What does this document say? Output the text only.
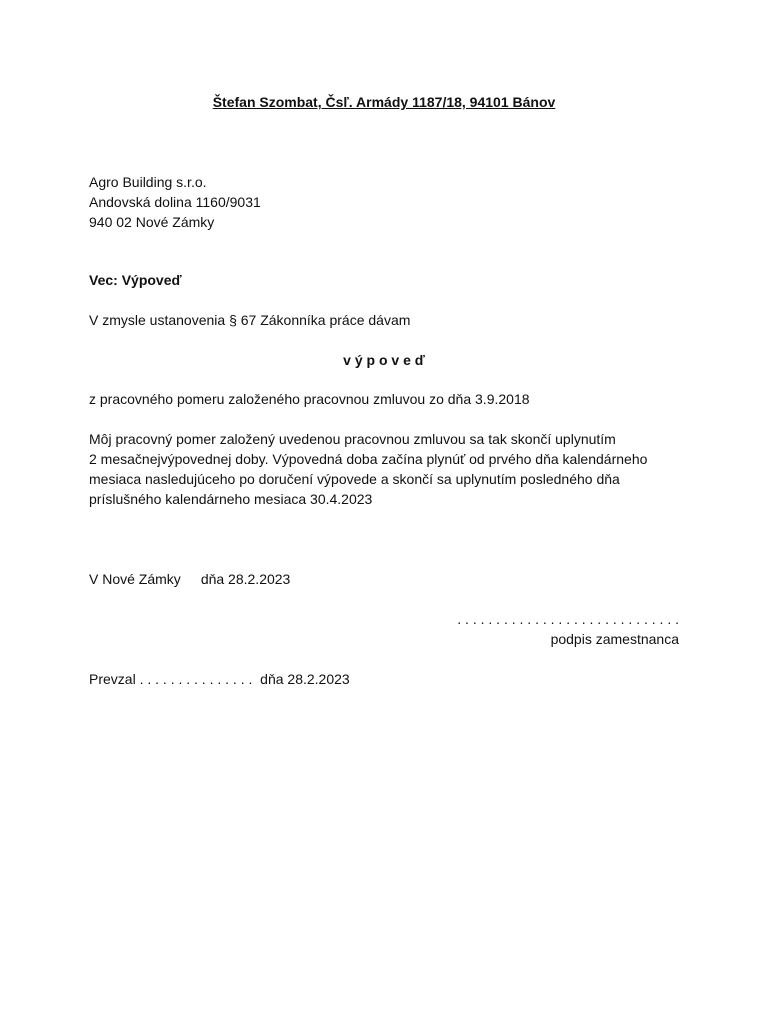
Štefan Szombat, Čsľ. Armády 1187/18, 94101 Bánov
Agro Building s.r.o.
Andovská dolina 1160/9031
940 02 Nové Zámky
Vec: Výpoveď
V zmysle ustanovenia § 67 Zákonníka práce dávam
v ý p o v e ď
z pracovného pomeru založeného pracovnou zmluvou zo dňa 3.9.2018
Môj pracovný pomer založený uvedenou pracovnou zmluvou sa tak skončí uplynutím
2 mesačnejvýpovednej doby. Výpovedná doba začína plynúť od prvého dňa kalendárneho
mesiaca nasledujúceho po doručení výpovede a skončí sa uplynutím posledného dňa
príslušného kalendárneho mesiaca 30.4.2023
V Nové Zámky dňa 28.2.2023
. . . . . . . . . . . . . . . . . . . . . . . . . . . . .
podpis zamestnanca
Prevzal . . . . . . . . . . . . . . . dňa 28.2.2023
